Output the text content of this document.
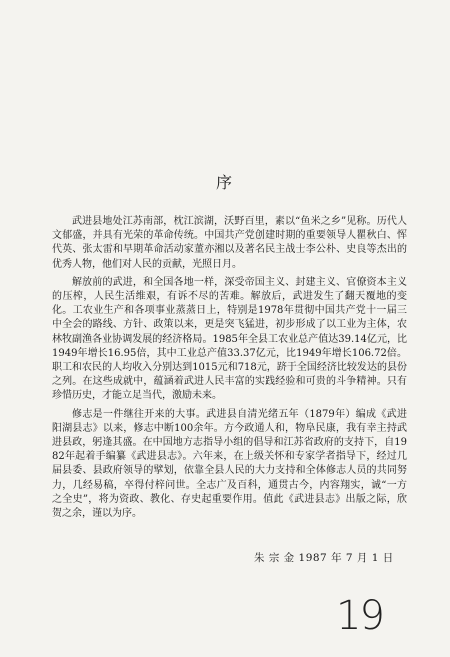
序

武进县地处江苏南部，枕江滨湖，沃野百里，素以“鱼米之乡”见称。历代人文郁盛，并具有光荣的革命传统。中国共产党创建时期的重要领导人瞿秋白、恽代英、张太雷和早期革命活动家董亦湘以及著名民主战士李公朴、史良等杰出的优秀人物，他们对人民的贡献，光照日月。

解放前的武进，和全国各地一样，深受帝国主义、封建主义、官僚资本主义的压榨，人民生活维艰，有诉不尽的苦难。解放后，武进发生了翻天覆地的变化。工农业生产和各项事业蒸蒸日上，特别是1978年贯彻中国共产党十一届三中全会的路线、方针、政策以来，更是突飞猛进，初步形成了以工业为主体，农林牧副渔各业协调发展的经济格局。1985年全县工农业总产值达39.14亿元，比1949年增长16.95倍，其中工业总产值33.37亿元，比1949年增长106.72倍。职工和农民的人均收入分别达到1015元和718元，跻于全国经济比较发达的县份之列。在这些成就中，蕴涵着武进人民丰富的实践经验和可贵的斗争精神。只有珍惜历史，才能立足当代，激励未来。

修志是一件继往开来的大事。武进县自清光绪五年（1879年）编成《武进阳湖县志》以来，修志中断100余年。方今政通人和，物阜民康，我有幸主持武进县政，躬逢其盛。在中国地方志指导小组的倡导和江苏省政府的支持下，自1982年起着手编纂《武进县志》。六年来，在上级关怀和专家学者指导下，经过几届县委、县政府领导的擘划，依靠全县人民的大力支持和全体修志人员的共同努力，几经易稿，卒得付梓问世。全志广及百科，通贯古今，内容翔实，诚“一方之全史”，将为资政、教化、存史起重要作用。值此《武进县志》出版之际，欣贺之余，谨以为序。

朱 宗 金 1987 年 7 月 1 日
19
